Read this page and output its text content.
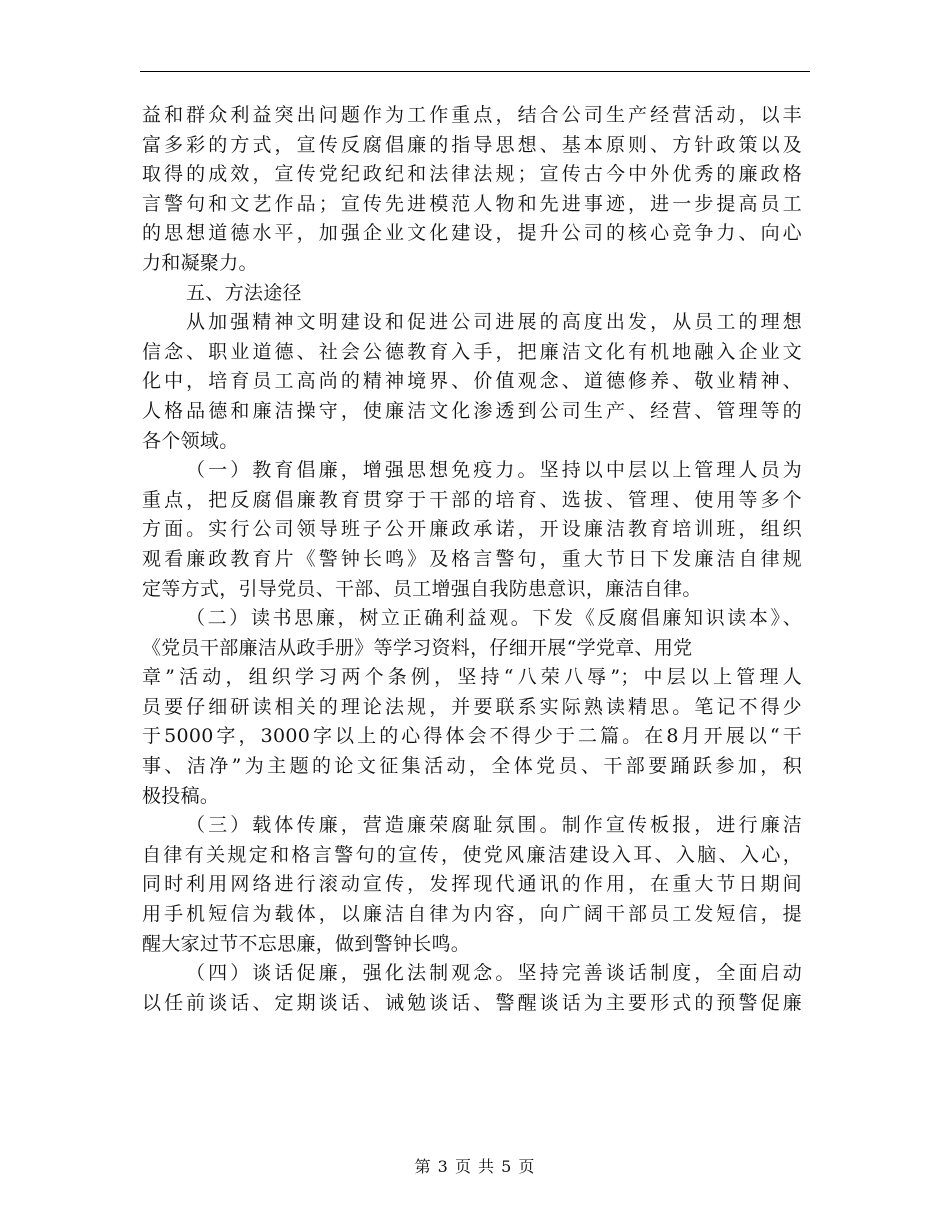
益和群众利益突出问题作为工作重点，结合公司生产经营活动，以丰
富多彩的方式，宣传反腐倡廉的指导思想、基本原则、方针政策以及
取得的成效，宣传党纪政纪和法律法规；宣传古今中外优秀的廉政格
言警句和文艺作品；宣传先进模范人物和先进事迹，进一步提高员工
的思想道德水平，加强企业文化建设，提升公司的核心竞争力、向心
力和凝聚力。
五、方法途径
从加强精神文明建设和促进公司进展的高度出发，从员工的理想
信念、职业道德、社会公德教育入手，把廉洁文化有机地融入企业文
化中，培育员工高尚的精神境界、价值观念、道德修养、敬业精神、
人格品德和廉洁操守，使廉洁文化渗透到公司生产、经营、管理等的
各个领域。
（一）教育倡廉，增强思想免疫力。坚持以中层以上管理人员为
重点，把反腐倡廉教育贯穿于干部的培育、选拔、管理、使用等多个
方面。实行公司领导班子公开廉政承诺，开设廉洁教育培训班，组织
观看廉政教育片《警钟长鸣》及格言警句，重大节日下发廉洁自律规
定等方式，引导党员、干部、员工增强自我防患意识，廉洁自律。
（二）读书思廉，树立正确利益观。下发《反腐倡廉知识读本》、
《党员干部廉洁从政手册》等学习资料，仔细开展“学党章、用党
章”活动，组织学习两个条例，坚持“八荣八辱”；中层以上管理人
员要仔细研读相关的理论法规，并要联系实际熟读精思。笔记不得少
于5000字，3000字以上的心得体会不得少于二篇。在8月开展以“干
事、洁净”为主题的论文征集活动，全体党员、干部要踊跃参加，积
极投稿。
（三）载体传廉，营造廉荣腐耻氛围。制作宣传板报，进行廉洁
自律有关规定和格言警句的宣传，使党风廉洁建设入耳、入脑、入心，
同时利用网络进行滚动宣传，发挥现代通讯的作用，在重大节日期间
用手机短信为载体，以廉洁自律为内容，向广阔干部员工发短信，提
醒大家过节不忘思廉，做到警钟长鸣。
（四）谈话促廉，强化法制观念。坚持完善谈话制度，全面启动
以任前谈话、定期谈话、诫勉谈话、警醒谈话为主要形式的预警促廉
第 3 页 共 5 页
